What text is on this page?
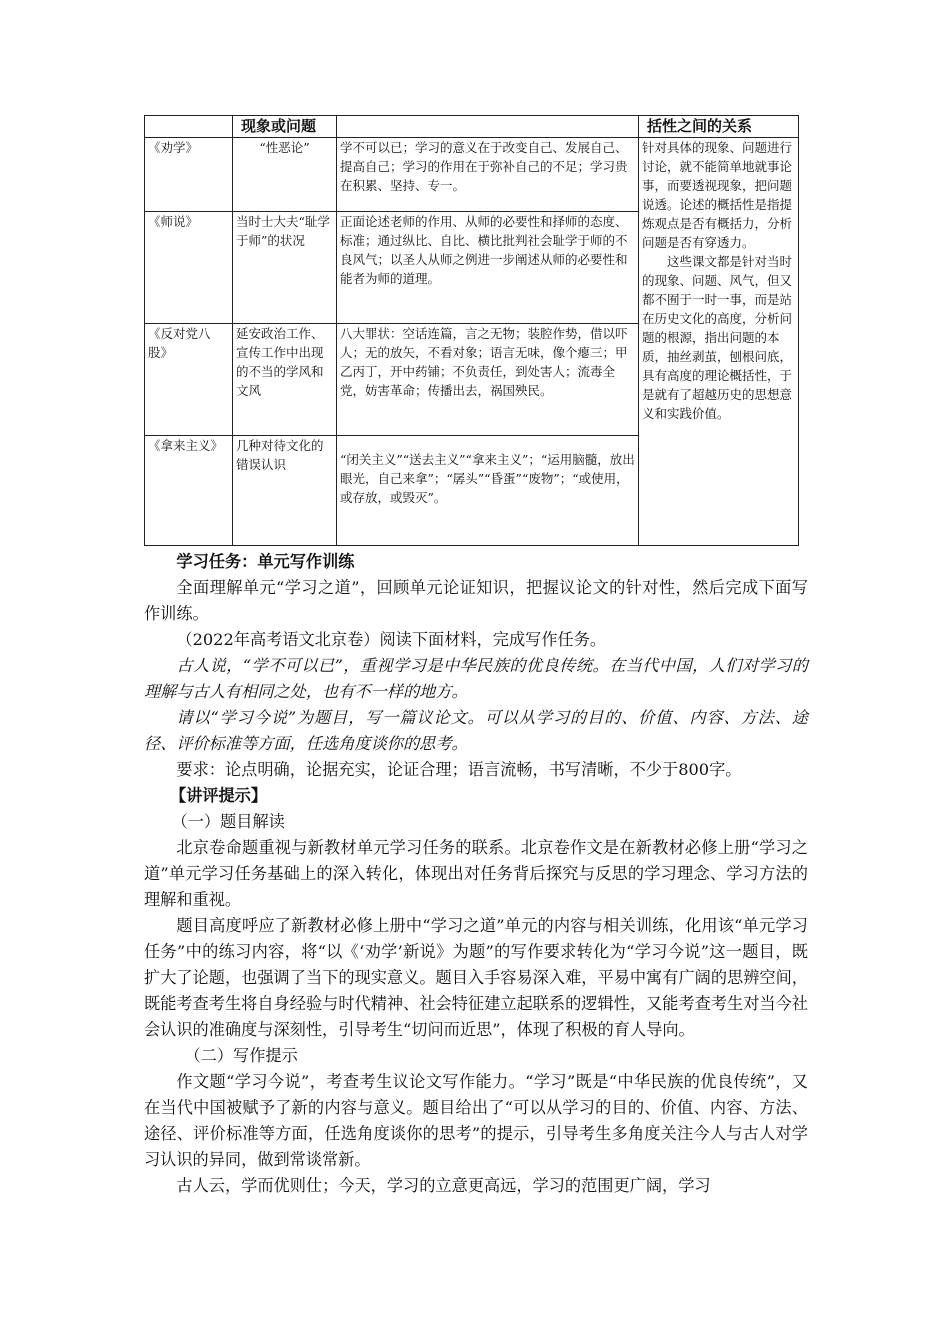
	现象或问题		括性之间的关系
《劝学》	“性恶论”	学不可以已；学习的意义在于改变自己、发展自己、提高自己；学习的作用在于弥补自己的不足；学习贵在积累、坚持、专一。	针对具体的现象、问题进行讨论，就不能简单地就事论事，而要透视现象，把问题说透。论述的概括性是指提炼观点是否有概括力，分析问题是否有穿透力。

这些课文都是针对当时的现象、问题、风气，但又都不囿于一时一事，而是站在历史文化的高度，分析问题的根源，指出问题的本质，抽丝剥茧，刨根问底，具有高度的理论概括性，于是就有了超越历史的思想意义和实践价值。

《师说》	当时士大夫“耻学于师”的状况	正面论述老师的作用、从师的必要性和择师的态度、标准；通过纵比、自比、横比批判社会耻学于师的不良风气；以圣人从师之例进一步阐述从师的必要性和能者为师的道理。	
《反对党八股》	延安政治工作、宣传工作中出现的不当的学风和文风	八大罪状：空话连篇，言之无物；装腔作势，借以吓人；无的放矢，不看对象；语言无味，像个瘪三；甲乙丙丁，开中药铺；不负责任，到处害人；流毒全党，妨害革命；传播出去，祸国殃民。	
《拿来主义》	几种对待文化的错误认识	“闭关主义”“送去主义”“拿来主义”；“运用脑髓，放出眼光，自己来拿”；“孱头”“昏蛋”“废物”；“或使用，或存放，或毁灭”。	
学习任务：单元写作训练

全面理解单元“学习之道”，回顾单元论证知识，把握议论文的针对性，然后完成下面写作训练。

（2022年高考语文北京卷）阅读下面材料，完成写作任务。

古人说，“学不可以已”，重视学习是中华民族的优良传统。在当代中国，人们对学习的理解与古人有相同之处，也有不一样的地方。

请以“学习今说”为题目，写一篇议论文。可以从学习的目的、价值、内容、方法、途径、评价标准等方面，任选角度谈你的思考。

要求：论点明确，论据充实，论证合理；语言流畅，书写清晰，不少于800字。

【讲评提示】

（一）题目解读

北京卷命题重视与新教材单元学习任务的联系。北京卷作文是在新教材必修上册“学习之道”单元学习任务基础上的深入转化，体现出对任务背后探究与反思的学习理念、学习方法的理解和重视。

题目高度呼应了新教材必修上册中“学习之道”单元的内容与相关训练，化用该“单元学习任务”中的练习内容，将“以《‘劝学’新说》为题”的写作要求转化为“学习今说”这一题目，既扩大了论题，也强调了当下的现实意义。题目入手容易深入难，平易中寓有广阔的思辨空间，既能考查考生将自身经验与时代精神、社会特征建立起联系的逻辑性，又能考查考生对当今社会认识的准确度与深刻性，引导考生“切问而近思”，体现了积极的育人导向。

（二）写作提示

作文题“学习今说”，考查考生议论文写作能力。“学习”既是“中华民族的优良传统”，又在当代中国被赋予了新的内容与意义。题目给出了“可以从学习的目的、价值、内容、方法、途径、评价标准等方面，任选角度谈你的思考”的提示，引导考生多角度关注今人与古人对学习认识的异同，做到常谈常新。

古人云，学而优则仕；今天，学习的立意更高远，学习的范围更广阔，学习
